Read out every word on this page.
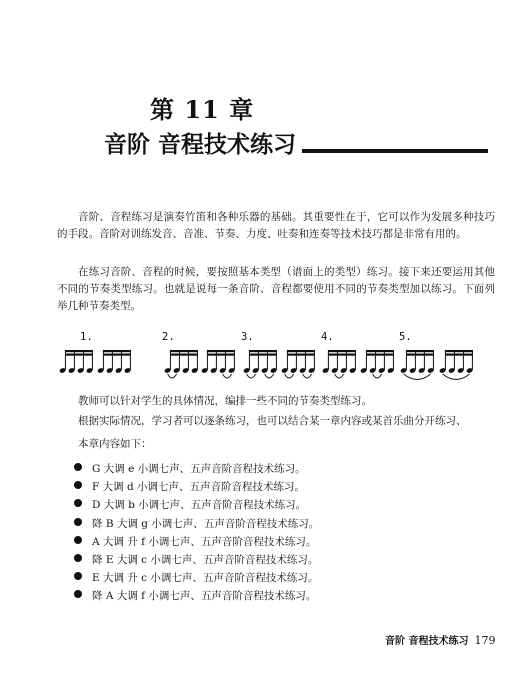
第 11 章
音阶 音程技术练习

音阶、音程练习是演奏竹笛和各种乐器的基础。其重要性在于，它可以作为发展多种技巧的手段。音阶对训练发音、音准、节奏、力度、吐奏和连奏等技术技巧都是非常有用的。

在练习音阶、音程的时候，要按照基本类型（谱面上的类型）练习。接下来还要运用其他不同的节奏类型练习。也就是说每一条音阶、音程都要使用不同的节奏类型加以练习。下面列举几种节奏类型。

1.	2.	3.	4.	5.
教师可以针对学生的具体情况，编排一些不同的节奏类型练习。
根据实际情况，学习者可以逐条练习，也可以结合某一章内容或某首乐曲分开练习、
本章内容如下：
G 大调 e 小调七声、五声音阶音程技术练习。
F 大调 d 小调七声、五声音阶音程技术练习。
D 大调 b 小调七声、五声音阶音程技术练习。
降 B 大调 g 小调七声、五声音阶音程技术练习。
A 大调 升 f 小调七声、五声音阶音程技术练习。
降 E 大调 c 小调七声、五声音阶音程技术练习。
E 大调 升 c 小调七声、五声音阶音程技术练习。
降 A 大调 f 小调七声、五声音阶音程技术练习。
音阶 音程技术练习 179
